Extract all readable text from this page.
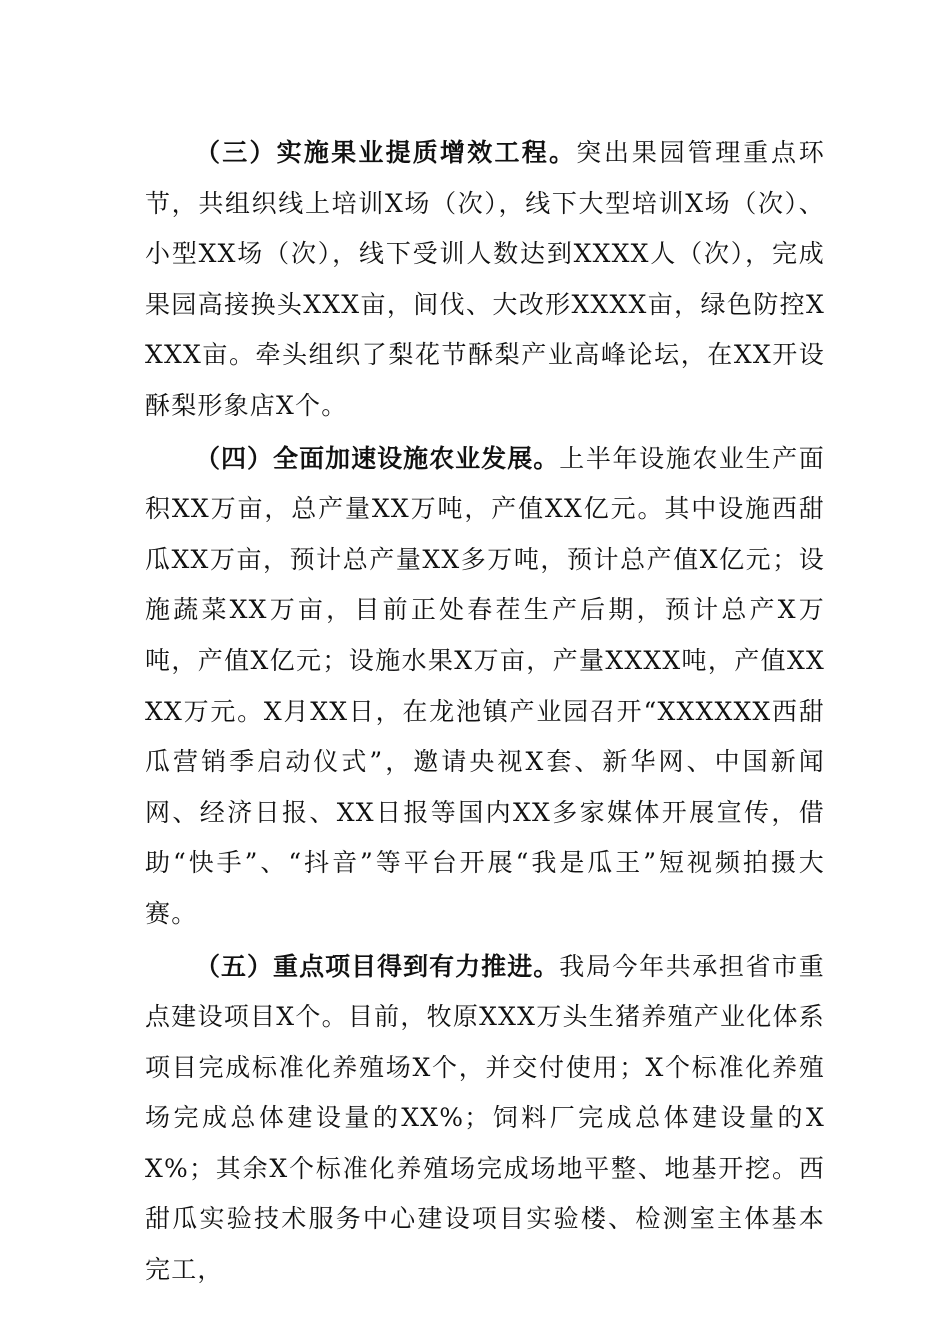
（三）实施果业提质增效工程。突出果园管理重点环节，共组织线上培训X场（次），线下大型培训X场（次）、小型XX场（次），线下受训人数达到XXXX人（次），完成果园高接换头XXX亩，间伐、大改形XXXX亩，绿色防控XXXX亩。牵头组织了梨花节酥梨产业高峰论坛，在XX开设酥梨形象店X个。

（四）全面加速设施农业发展。上半年设施农业生产面积XX万亩，总产量XX万吨，产值XX亿元。其中设施西甜瓜XX万亩，预计总产量XX多万吨，预计总产值X亿元；设施蔬菜XX万亩，目前正处春茬生产后期，预计总产X万吨，产值X亿元；设施水果X万亩，产量XXXX吨，产值XXXX万元。X月XX日，在龙池镇产业园召开“XXXXXX西甜瓜营销季启动仪式”，邀请央视X套、新华网、中国新闻网、经济日报、XX日报等国内XX多家媒体开展宣传，借助“快手”、“抖音”等平台开展“我是瓜王”短视频拍摄大赛。

（五）重点项目得到有力推进。我局今年共承担省市重点建设项目X个。目前，牧原XXX万头生猪养殖产业化体系项目完成标准化养殖场X个，并交付使用；X个标准化养殖场完成总体建设量的XX%；饲料厂完成总体建设量的XX%；其余X个标准化养殖场完成场地平整、地基开挖。西甜瓜实验技术服务中心建设项目实验楼、检测室主体基本完工，
